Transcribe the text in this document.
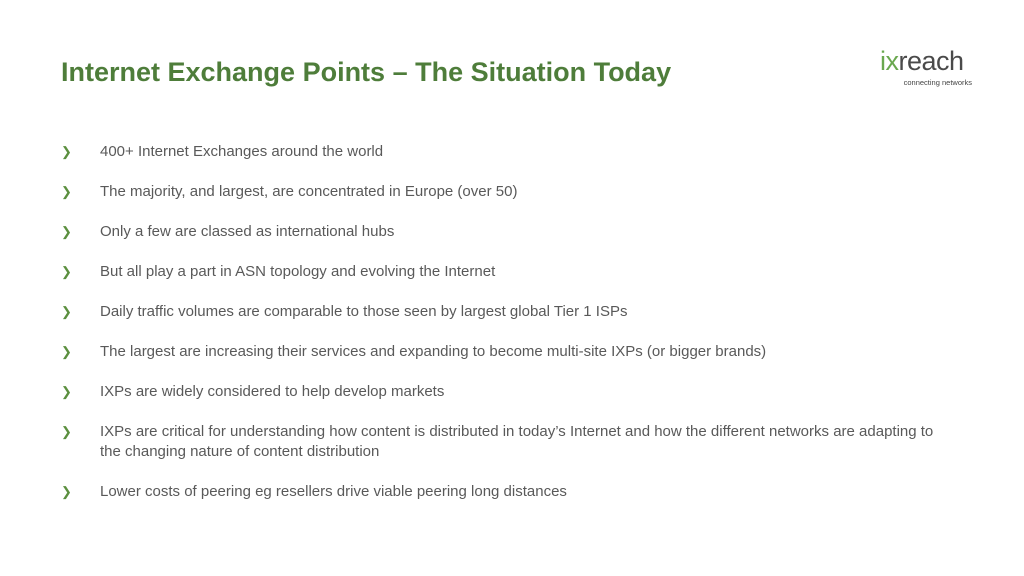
Internet Exchange Points – The Situation Today	ixreach
connecting networks
❯	400+ Internet Exchanges around the world
❯	The majority, and largest, are concentrated in Europe (over 50)
❯	Only a few are classed as international hubs
❯	But all play a part in ASN topology and evolving the Internet
❯	Daily traffic volumes are comparable to those seen by largest global Tier 1 ISPs
❯	The largest are increasing their services and expanding to become multi-site IXPs (or bigger brands)
❯	IXPs are widely considered to help develop markets
❯	IXPs are critical for understanding how content is distributed in today’s Internet and how the different networks are adapting to the changing nature of content distribution
❯	Lower costs of peering eg resellers drive viable peering long distances
